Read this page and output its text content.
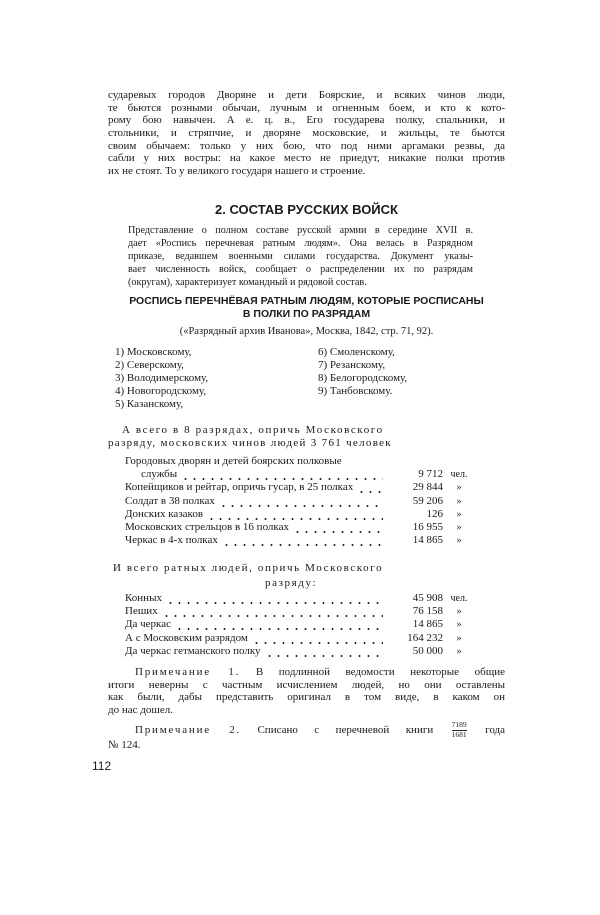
сударевых городов Дворяне и дети Боярские, и всяких чинов люди,
те бьются розными обычаи, лучным и огненным боем, и кто к кото-
рому бою навычен. А е. ц. в., Его государева полку, спальники, и
стольники, и стряпчие, и дворяне московские, и жильцы, те бьются
своим обычаем: только у них бою, что под ними аргамаки резвы, да
сабли у них востры: на какое место не приедут, никакие полки против
их не стоят. То у великого государя нашего и строение.
2. СОСТАВ РУССКИХ ВОЙСК
Представление о полном составе русской армии в середине XVII в.
дает «Роспись перечневая ратным людям». Она велась в Разрядном
приказе, ведавшем военными силами государства. Документ указы-
вает численность войск, сообщает о распределении их по разрядам
(округам), характеризует командный и рядовой состав.
РОСПИСЬ ПЕРЕЧНЁВАЯ РАТНЫМ ЛЮДЯМ, КОТОРЫЕ РОСПИСАНЫ
В ПОЛКИ ПО РАЗРЯДАМ
(«Разрядный архив Иванова», Москва, 1842, стр. 71, 92).
1) Московскому,
2) Северскому,
3) Володимерскому,
4) Новогородскому,
5) Казанскому,
6) Смоленскому,
7) Резанскому,
8) Белогородскому,
9) Танбовскому.
А всего в 8 разрядах, опричь Московского
разряду, московских чинов людей 3 761 человек
Городовых дворян и детей боярских полковые
службы	9 712 чел.
Копейщиков и рейтар, опричь гусар, в 25 полках	29 844	»
Солдат в 38 полках	59 206	»
Донских казаков	126	»
Московских стрельцов в 16 полках	16 955	»
Черкас в 4-х полках	14 865	»
И всего ратных людей, опричь Московского
разряду:
Конных	45 908 чел.
Пеших	76 158	»
Да черкас	14 865	»
А с Московским разрядом	164 232	»
Да черкас гетманского полку	50 000	»
Примечание 1. В подлинной ведомости некоторые общие
итоги неверны с частным исчислением людей, но они оставлены
как были, дабы представить оригинал в том виде, в каком он
до нас дошел.
Примечание 2. Списано с перечневой книги $\frac{7189}{1681}$ года
№ 124.
112
